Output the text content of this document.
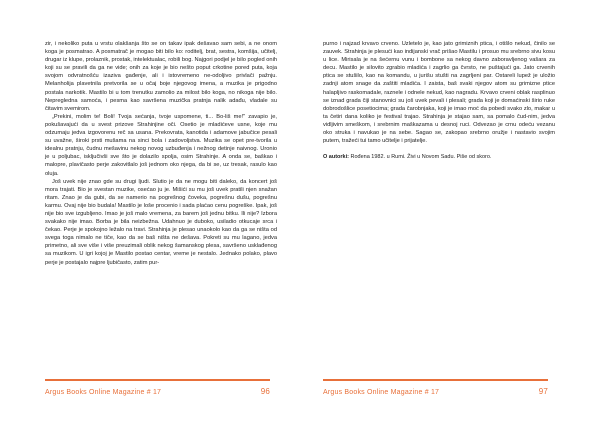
zir, i nekoliko puta u vrstu olakšanja što se on takav ipak dešavao sam sebi, a ne onom koga je posmatrao. A posmatrač je mogao biti bilo ko: roditelj, brat, sestra, komšija, učitelj, drugar iz klupe, prolaznik, prostak, intelektualac, robili bog. Najgori podjel je bilo pogled onih koji su se pravili da ga ne vide; onih za koje je bio nešto poput crkotine pored puta, koja svojom odvratnošću izaziva gađenje, ali i istovremeno ne-odoljivo privlači pažnju. Melanholija plavetnila pretvorila se u očaj boje njegovog imena, a muzika je prigodno postala narkotik. Mastilo bi u tom trenutku zamolio za milost bilo koga, no nikoga nije bilo. Nepregledna samoća, i pesma kao savršena muzička pratnja nalik adađu, vladale su čitavim svemirom.

„Prekini, molim te! Boli! Tvoja sećanja, tvoje uspomene, ti... Bo-liš me!" zavapio je, pokušavajući da u svest prizove Strahinjine oči. Osetio je mladićeve usne, koje mu odzumaju jedva izgovorenu reč sa usana. Prekovrata, kanotida i adamove jabučice pesali su uvažne, široki prsti mušama na sinci bola i zadovoljstva. Muzika se opet pre-tvorila u idealnu pratnju, čudnu mešavinu nekog novog uzbuđenja i nežnog detinje naivnog. Uronio je u poljubac, isključivši sve što je dolazilo spolja, osim Strahinje. A onda se, baškao i malopre, plavičasto perje zakovitlalo još jednom oko njega, da bi se, uz tresak, rasulo kao oluja.

Još uvek nije znao gde su drugi ljudi. Slutio je da ne mogu biti daleko, da koncert još mora trajati. Bio je svestan muzike, osećao ju je. Mišići su mu još uvek pratili njen snažan ritam. Znao je da gubi, da se namerio na pogrešnog čoveka, pogrešnu dušu, pogrešnu karmu. Ovaj nije bio budala! Mastilo je loše procenio i sada plaćao cenu pogreške. Ipak, još nije bio sve izgubljeno. Imao je još malo vremena, za barem još jednu bitku. Ili nije? Izbora svakako nije imao. Borba je bila neizbežna. Udahnuo je duboko, usiladio otkucaje srca i čekao. Perje je spokojno ležalo na travi. Strahinja je plesao unaokolo kao da ga se ništa od svega toga nimalo ne tiče, kao da se baš ništa ne dešava. Pokreti su mu lagano, jedva primetno, ali sve više i više preuzimali oblik nekog šamanskog plesa, savršeno usklađenog sa muzikom. U igri kojoj je Mastilo postao centar, vreme je nestalo. Jednako polako, plavo perje je postajalo najpre ljubičasto, zatim pur-

Argus Books Online Magazine # 17	96

purno i najzad krvavo crveno. Uzletelo je, kao jato grimiznih ptica, i otišlo nekud, činilo se zauvek. Strahinja je plesući kao indijanski vrač prišao Mastilu i prosuo mu srebrno sivu kosu u lice. Mirisala je na šećernu vunu i bombone sa nekog davno zaboravljenog vašara za decu. Mastilo je silovito zgrabio mladića i zagrlio ga čvrsto, ne puštajući ga. Jato crvenih ptica se stušilo, kao na komandu, u jurišu stušti na zagrljeni par. Ostareli lupež je uložio zadnji atom snage da zaštiti mladića. I zaista, baš svaki njegov atom su grimizne ptice halapljivo raskomadale, raznele i odnele nekud, kao nagradu. Krvavo crveni oblak rasplinuo se iznad grada čiji stanovnici su još uvek pevali i plesali; grada koji je domaćinski širio ruke dobrodošlice posetiocima; grada čarobnjaka, koji je imao moć da pobedi svako zlo, makar u ta četiri dana koliko je festival trajao. Strahinja je stajao sam, sa pomalo čud-nim, jedva vidljivim smeškom, i srebrnim maškazama u desnoj ruci. Odvezao je crnu odeću vezanu oko struka i navukao je na sebe. Sagao se, zakopao srebrno oružje i nastavio svojim putem, tražeći tui tamo učitelje i prijatelje.

O autorki: Rođena 1982. u Rumi. Živi u Novom Sadu. Piše od skoro.

Argus Books Online Magazine # 17	97
